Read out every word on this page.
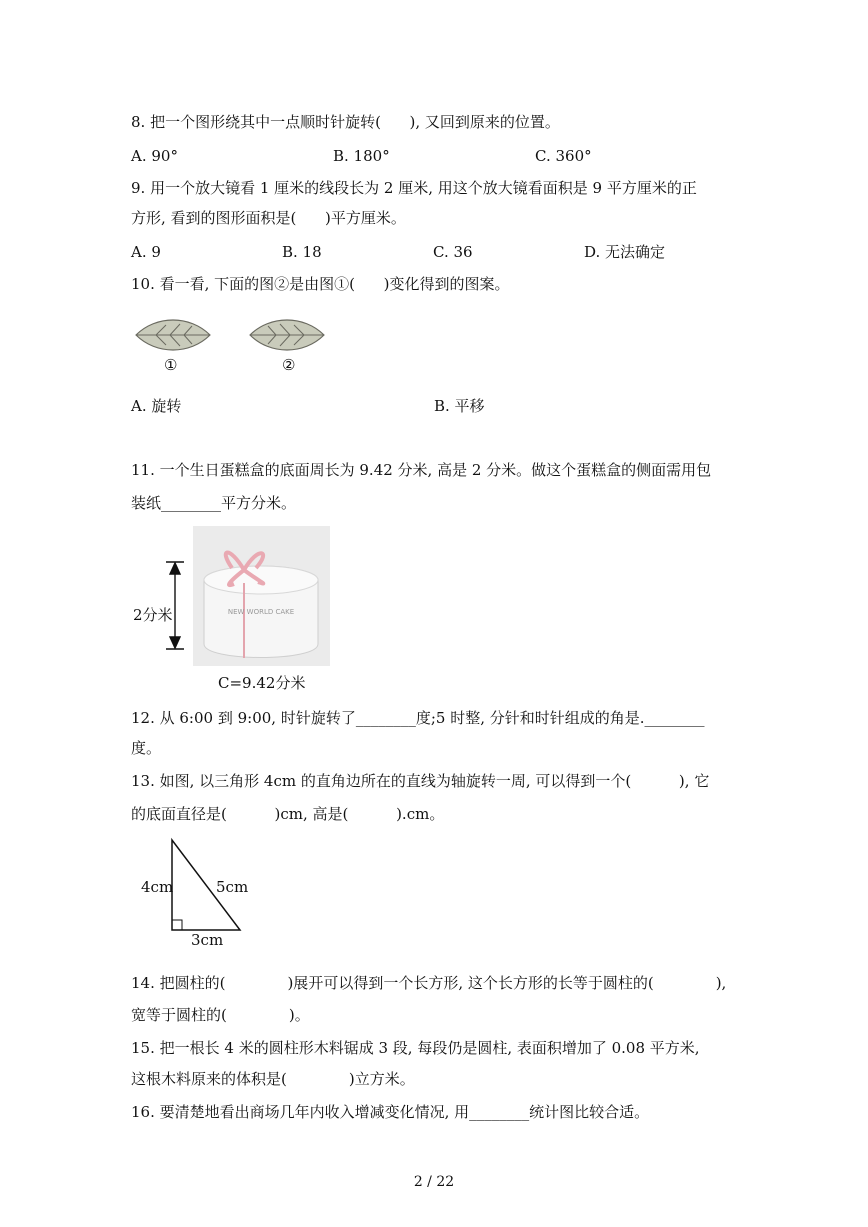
8. 把一个图形绕其中一点顺时针旋转(      ), 又回到原来的位置。
A. 90°	B. 180°	C. 360°
9. 用一个放大镜看 1 厘米的线段长为 2 厘米, 用这个放大镜看面积是 9 平方厘米的正
方形, 看到的图形面积是(      )平方厘米。
A. 9	B. 18	C. 36	D. 无法确定
10. 看一看, 下面的图②是由图①(      )变化得到的图案。
①	②
A. 旋转	B. 平移
11. 一个生日蛋糕盒的底面周长为 9.42 分米, 高是 2 分米。做这个蛋糕盒的侧面需用包
装纸________平方分米。
NEW WORLD CAKE
2分米
C=9.42分米
12. 从 6:00 到 9:00, 时针旋转了________度;5 时整, 分针和时针组成的角是.________
度。
13. 如图, 以三角形 4cm 的直角边所在的直线为轴旋转一周, 可以得到一个(          ), 它
的底面直径是(          )cm, 高是(          ).cm。
4cm	5cm
3cm
14. 把圆柱的(             )展开可以得到一个长方形, 这个长方形的长等于圆柱的(             ),
宽等于圆柱的(             )。
15. 把一根长 4 米的圆柱形木料锯成 3 段, 每段仍是圆柱, 表面积增加了 0.08 平方米,
这根木料原来的体积是(             )立方米。
16. 要清楚地看出商场几年内收入增减变化情况, 用________统计图比较合适。
2 / 22
